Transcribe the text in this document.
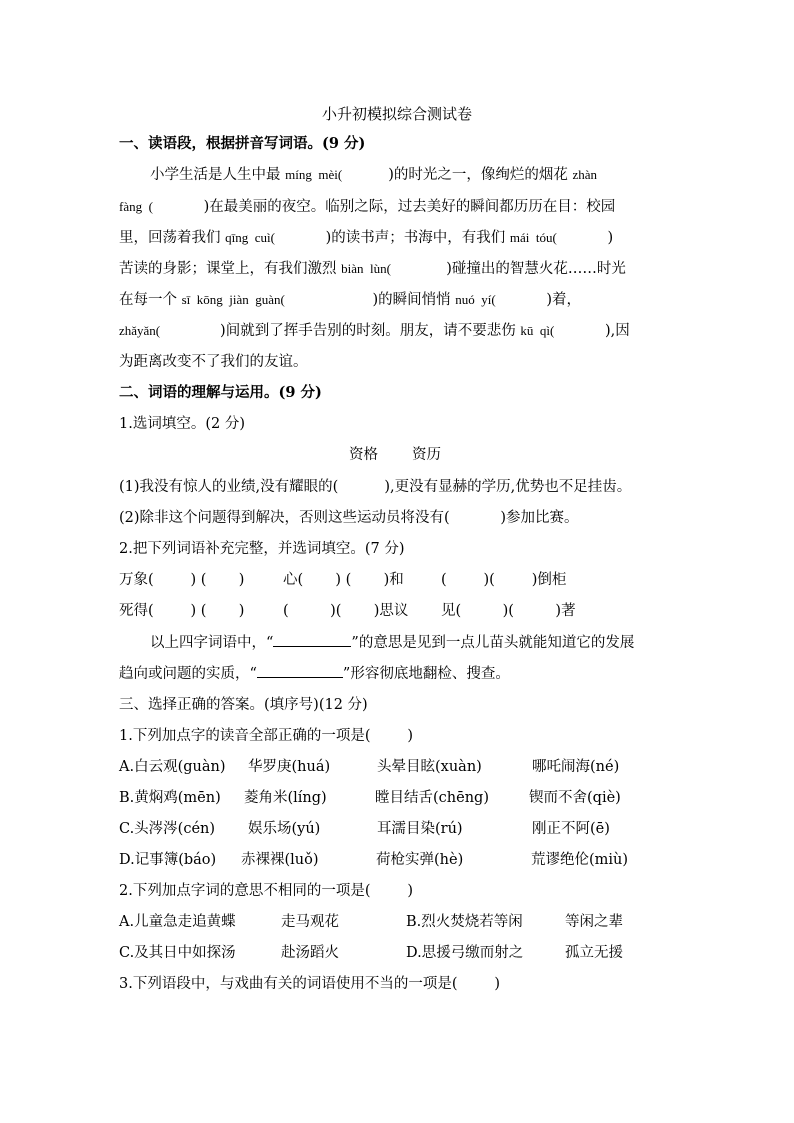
小升初模拟综合测试卷
一、读语段，根据拼音写词语。(9 分)
小学生活是人生中最 míng  mèi(          )的时光之一，像绚烂的烟花 zhàn
fàng  (           )在最美丽的夜空。临别之际，过去美好的瞬间都历历在目：校园
里，回荡着我们 qīng  cuì(           )的读书声；书海中，有我们 mái  tóu(           )
苦读的身影；课堂上，有我们激烈 biàn  lùn(            )碰撞出的智慧火花……时光
在每一个 sī  kōng  jiàn  guàn(                   )的瞬间悄悄 nuó  yí(           )着，
zhǎyǎn(             )间就到了挥手告别的时刻。朋友，请不要悲伤 kū  qì(           ),因
为距离改变不了我们的友谊。
二、词语的理解与运用。(9 分)
1.选词填空。(2 分)
资格 资历
(1)我没有惊人的业绩,没有耀眼的(          ),更没有显赫的学历,优势也不足挂齿。
(2)除非这个问题得到解决，否则这些运动员将没有(           )参加比赛。
2.把下列词语补充完整，并选词填空。(7 分)
万象(        ) (       )	心(       ) (       )和	(        )(        )倒柜
死得(        ) (       )	(         )(       )思议 见(         )(         )著
以上四字词语中，“	”的意思是见到一点儿苗头就能知道它的发展
趋向或问题的实质，“	”形容彻底地翻检、搜查。
三、选择正确的答案。(填序号)(12 分)
1.下列加点字的读音全部正确的一项是(        )
A.白云观(guàn) 华罗庚(huá)	头晕目眩(xuàn)	哪吒闹海(né)
B.黄焖鸡(mēn) 菱角米(líng)	瞠目结舌(chēng)	锲而不舍(qiè)
C.头涔涔(cén) 娱乐场(yú)	耳濡目染(rú)	刚正不阿(ē)
D.记事簿(báo) 赤裸裸(luǒ)	荷枪实弹(hè)	荒谬绝伦(miù)
2.下列加点字词的意思不相同的一项是(        )
A.儿童急走追黄蝶	走马观花	B.烈火焚烧若等闲	等闲之辈
C.及其日中如探汤	赴汤蹈火	D.思援弓缴而射之	孤立无援
3.下列语段中，与戏曲有关的词语使用不当的一项是(        )
